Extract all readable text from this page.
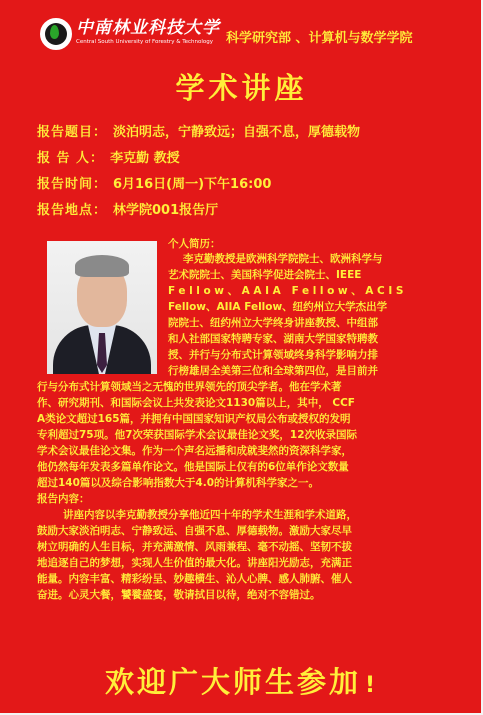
中南林业科技大学
Central South University of Forestry & Technology 科学研究部 、计算机与数学学院
学术讲座
报告题目： 淡泊明志，宁静致远；自强不息，厚德载物
报 告 人： 李克勤 教授
报告时间： 6月16日(周一)下午16:00
报告地点： 林学院001报告厅
个人简历：
李克勤教授是欧洲科学院院士、欧洲科学与
艺术院院士、美国科学促进会院士、IEEE
Fellow、AAIA Fellow、ACIS
Fellow、AIIA Fellow、纽约州立大学杰出学
院院士、纽约州立大学终身讲座教授、中组部
和人社部国家特聘专家、湖南大学国家特聘教
授、并行与分布式计算领域终身科学影响力排
行榜雄居全美第三位和全球第四位，是目前并
行与分布式计算领域当之无愧的世界领先的顶尖学者。他在学术著
作、研究期刊、和国际会议上共发表论文1130篇以上，其中， CCF
A类论文超过165篇，并拥有中国国家知识产权局公布或授权的发明
专利超过75项。他7次荣获国际学术会议最佳论文奖，12次收录国际
学术会议最佳论文集。作为一个声名远播和成就斐然的资深科学家，
他仍然每年发表多篇单作论文。他是国际上仅有的6位单作论文数量
超过140篇以及综合影响指数大于4.0的计算机科学家之一。
报告内容：
讲座内容以李克勤教授分享他近四十年的学术生涯和学术道路，
鼓励大家淡泊明志、宁静致远、自强不息、厚德载物。激励大家尽早
树立明确的人生目标，并充满激情、风雨兼程、毫不动摇、坚韧不拔
地追逐自己的梦想，实现人生价值的最大化。讲座阳光励志，充满正
能量。内容丰富、精彩纷呈、妙趣横生、沁人心脾、感人肺腑、催人
奋进。心灵大餐，饕餮盛宴，敬请拭目以待，绝对不容错过。
欢迎广大师生参加 !
